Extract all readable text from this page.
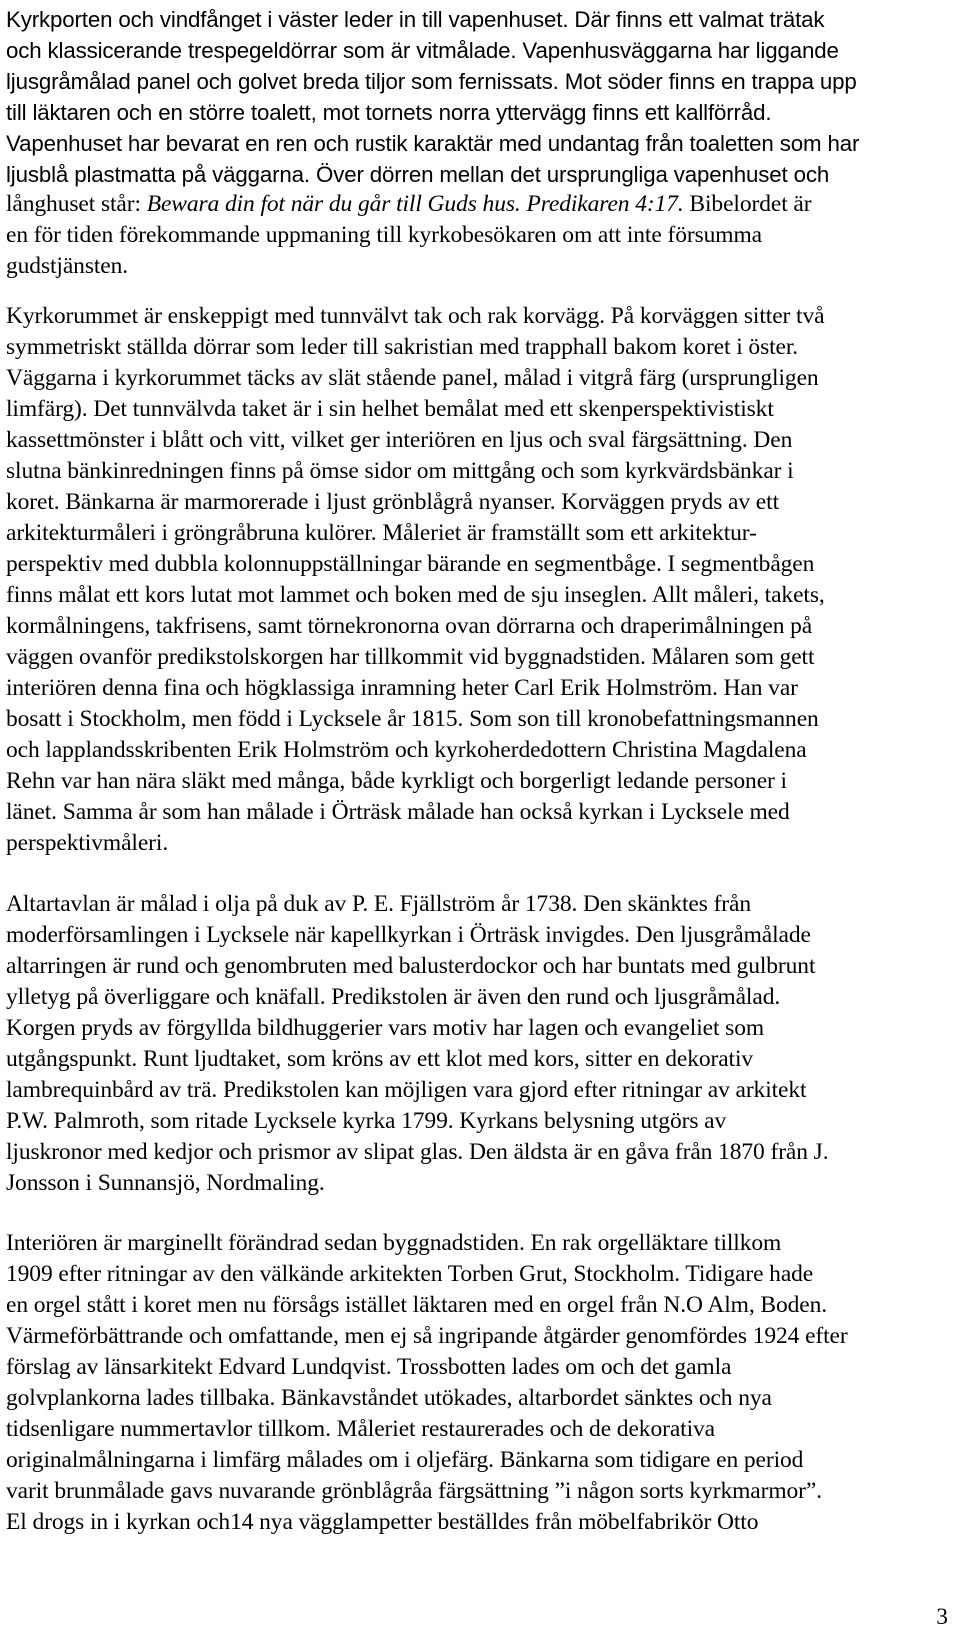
Kyrkporten och vindfånget i väster leder in till vapenhuset. Där finns ett valmat trätak
och klassicerande trespegeldörrar som är vitmålade. Vapenhusväggarna har liggande
ljusgråmålad panel och golvet breda tiljor som fernissats. Mot söder finns en trappa upp
till läktaren och en större toalett, mot tornets norra yttervägg finns ett kallförråd.
Vapenhuset har bevarat en ren och rustik karaktär med undantag från toaletten som har
ljusblå plastmatta på väggarna. Över dörren mellan det ursprungliga vapenhuset och
långhuset står: Bewara din fot när du går till Guds hus. Predikaren 4:17. Bibelordet är
en för tiden förekommande uppmaning till kyrkobesökaren om att inte försumma
gudstjänsten.
Kyrkorummet är enskeppigt med tunnvälvt tak och rak korvägg. På korväggen sitter två
symmetriskt ställda dörrar som leder till sakristian med trapphall bakom koret i öster.
Väggarna i kyrkorummet täcks av slät stående panel, målad i vitgrå färg (ursprungligen
limfärg). Det tunnvälvda taket är i sin helhet bemålat med ett skenperspektivistiskt
kassettmönster i blått och vitt, vilket ger interiören en ljus och sval färgsättning. Den
slutna bänkinredningen finns på ömse sidor om mittgång och som kyrkvärdsbänkar i
koret. Bänkarna är marmorerade i ljust grönblågrå nyanser. Korväggen pryds av ett
arkitekturmåleri i gröngråbruna kulörer. Måleriet är framställt som ett arkitektur-
perspektiv med dubbla kolonnuppställningar bärande en segmentbåge. I segmentbågen
finns målat ett kors lutat mot lammet och boken med de sju inseglen. Allt måleri, takets,
kormålningens, takfrisens, samt törnekronorna ovan dörrarna och draperimålningen på
väggen ovanför predikstolskorgen har tillkommit vid byggnadstiden. Målaren som gett
interiören denna fina och högklassiga inramning heter Carl Erik Holmström. Han var
bosatt i Stockholm, men född i Lycksele år 1815. Som son till kronobefattningsmannen
och lapplandsskribenten Erik Holmström och kyrkoherdedottern Christina Magdalena
Rehn var han nära släkt med många, både kyrkligt och borgerligt ledande personer i
länet. Samma år som han målade i Örträsk målade han också kyrkan i Lycksele med
perspektivmåleri.
Altartavlan är målad i olja på duk av P. E. Fjällström år 1738. Den skänktes från
moderförsamlingen i Lycksele när kapellkyrkan i Örträsk invigdes. Den ljusgråmålade
altarringen är rund och genombruten med balusterdockor och har buntats med gulbrunt
ylletyg på överliggare och knäfall. Predikstolen är även den rund och ljusgråmålad.
Korgen pryds av förgyllda bildhuggerier vars motiv har lagen och evangeliet som
utgångspunkt. Runt ljudtaket, som kröns av ett klot med kors, sitter en dekorativ
lambrequinbård av trä. Predikstolen kan möjligen vara gjord efter ritningar av arkitekt
P.W. Palmroth, som ritade Lycksele kyrka 1799. Kyrkans belysning utgörs av
ljuskronor med kedjor och prismor av slipat glas. Den äldsta är en gåva från 1870 från J.
Jonsson i Sunnansjö, Nordmaling.
Interiören är marginellt förändrad sedan byggnadstiden. En rak orgelläktare tillkom
1909 efter ritningar av den välkände arkitekten Torben Grut, Stockholm. Tidigare hade
en orgel stått i koret men nu försågs istället läktaren med en orgel från N.O Alm, Boden.
Värmeförbättrande och omfattande, men ej så ingripande åtgärder genomfördes 1924 efter
förslag av länsarkitekt Edvard Lundqvist. Trossbotten lades om och det gamla
golvplankorna lades tillbaka. Bänkavståndet utökades, altarbordet sänktes och nya
tidsenligare nummertavlor tillkom. Måleriet restaurerades och de dekorativa
originalmålningarna i limfärg målades om i oljefärg. Bänkarna som tidigare en period
varit brunmålade gavs nuvarande grönblågråa färgsättning ”i någon sorts kyrkmarmor”.
El drogs in i kyrkan och14 nya vägglampetter beställdes från möbelfabrikör Otto
3
